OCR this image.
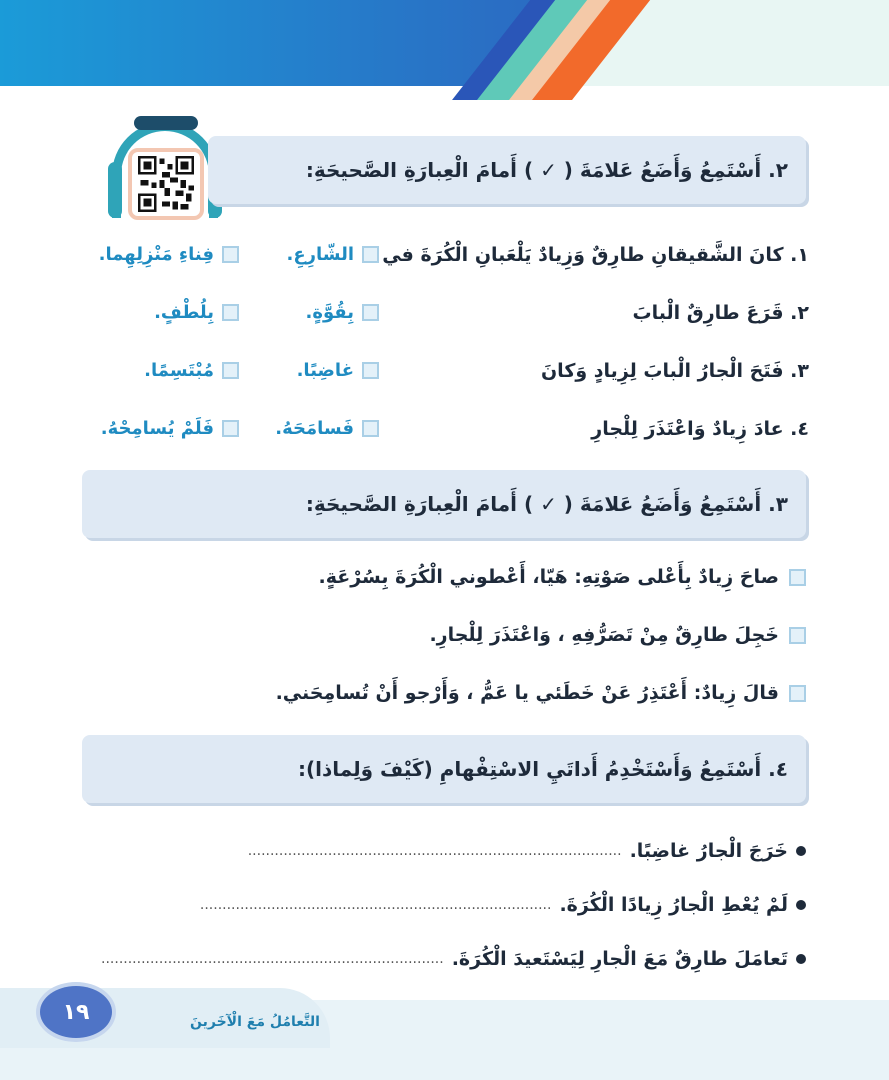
٢. أَسْتَمِعُ وَأَضَعُ عَلامَةَ ( ✓ ) أَمامَ الْعِبارَةِ الصَّحيحَةِ:
١. كانَ الشَّقيقانِ طارِقٌ وَزِيادٌ يَلْعَبانِ الْكُرَةَ في
الشّارِعِ.
فِناءِ مَنْزِلِهِما.
٢. قَرَعَ طارِقٌ الْبابَ
بِقُوَّةٍ.
بِلُطْفٍ.
٣. فَتَحَ الْجارُ الْبابَ لِزِيادٍ وَكانَ
غاضِبًا.
مُبْتَسِمًا.
٤. عادَ زِيادٌ وَاعْتَذَرَ لِلْجارِ
فَسامَحَهُ.
فَلَمْ يُسامِحْهُ.
٣. أَسْتَمِعُ وَأَضَعُ عَلامَةَ ( ✓ ) أَمامَ الْعِبارَةِ الصَّحيحَةِ:
صاحَ زِيادٌ بِأَعْلى صَوْتِهِ: هَيّا، أَعْطوني الْكُرَةَ بِسُرْعَةٍ.
خَجِلَ طارِقٌ مِنْ تَصَرُّفِهِ ، وَاعْتَذَرَ لِلْجارِ.
قالَ زِيادٌ: أَعْتَذِرُ عَنْ خَطَئي يا عَمُّ ، وَأَرْجو أَنْ تُسامِحَني.
٤. أَسْتَمِعُ وَأَسْتَخْدِمُ أَداتَيِ الاسْتِفْهامِ (كَيْفَ وَلِماذا):
خَرَجَ الْجارُ غاضِبًا.
....................................................................................
لَمْ يُعْطِ الْجارُ زِيادًا الْكُرَةَ.
...............................................................................
تَعامَلَ طارِقٌ مَعَ الْجارِ لِيَسْتَعيدَ الْكُرَةَ.
.............................................................................
١٩	التَّعامُلُ مَعَ الْآخَرينَ
